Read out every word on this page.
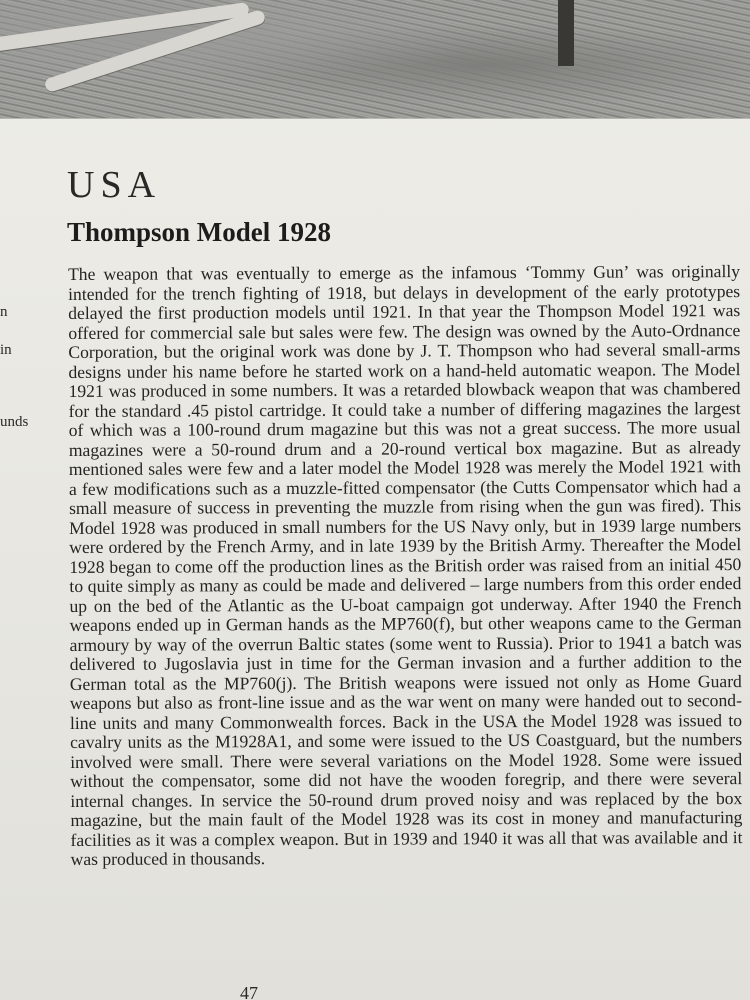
n
in
unds
USA
Thompson Model 1928
The weapon that was eventually to emerge as the infamous ‘Tommy Gun’ was originally intended for the trench fighting of 1918, but delays in development of the early prototypes delayed the first production models until 1921. In that year the Thompson Model 1921 was offered for commercial sale but sales were few. The design was owned by the Auto-Ordnance Corporation, but the original work was done by J. T. Thompson who had several small-arms designs under his name before he started work on a hand-held automatic weapon. The Model 1921 was produced in some numbers. It was a retarded blowback weapon that was chambered for the standard .45 pistol cartridge. It could take a number of differing magazines the largest of which was a 100-round drum magazine but this was not a great success. The more usual magazines were a 50-round drum and a 20-round vertical box magazine. But as already mentioned sales were few and a later model the Model 1928 was merely the Model 1921 with a few modifications such as a muzzle-fitted compensator (the Cutts Compensator which had a small measure of success in preventing the muzzle from rising when the gun was fired). This Model 1928 was produced in small numbers for the US Navy only, but in 1939 large numbers were ordered by the French Army, and in late 1939 by the British Army. Thereafter the Model 1928 began to come off the production lines as the British order was raised from an initial 450 to quite simply as many as could be made and delivered – large numbers from this order ended up on the bed of the Atlantic as the U-boat campaign got underway. After 1940 the French weapons ended up in German hands as the MP760(f), but other weapons came to the German armoury by way of the overrun Baltic states (some went to Russia). Prior to 1941 a batch was delivered to Jugoslavia just in time for the German invasion and a further addition to the German total as the MP760(j). The British weapons were issued not only as Home Guard weapons but also as front-line issue and as the war went on many were handed out to second-line units and many Commonwealth forces. Back in the USA the Model 1928 was issued to cavalry units as the M1928A1, and some were issued to the US Coastguard, but the numbers involved were small. There were several variations on the Model 1928. Some were issued without the compensator, some did not have the wooden foregrip, and there were several internal changes. In service the 50-round drum proved noisy and was replaced by the box magazine, but the main fault of the Model 1928 was its cost in money and manufacturing facilities as it was a complex weapon. But in 1939 and 1940 it was all that was available and it was produced in thousands.
47
